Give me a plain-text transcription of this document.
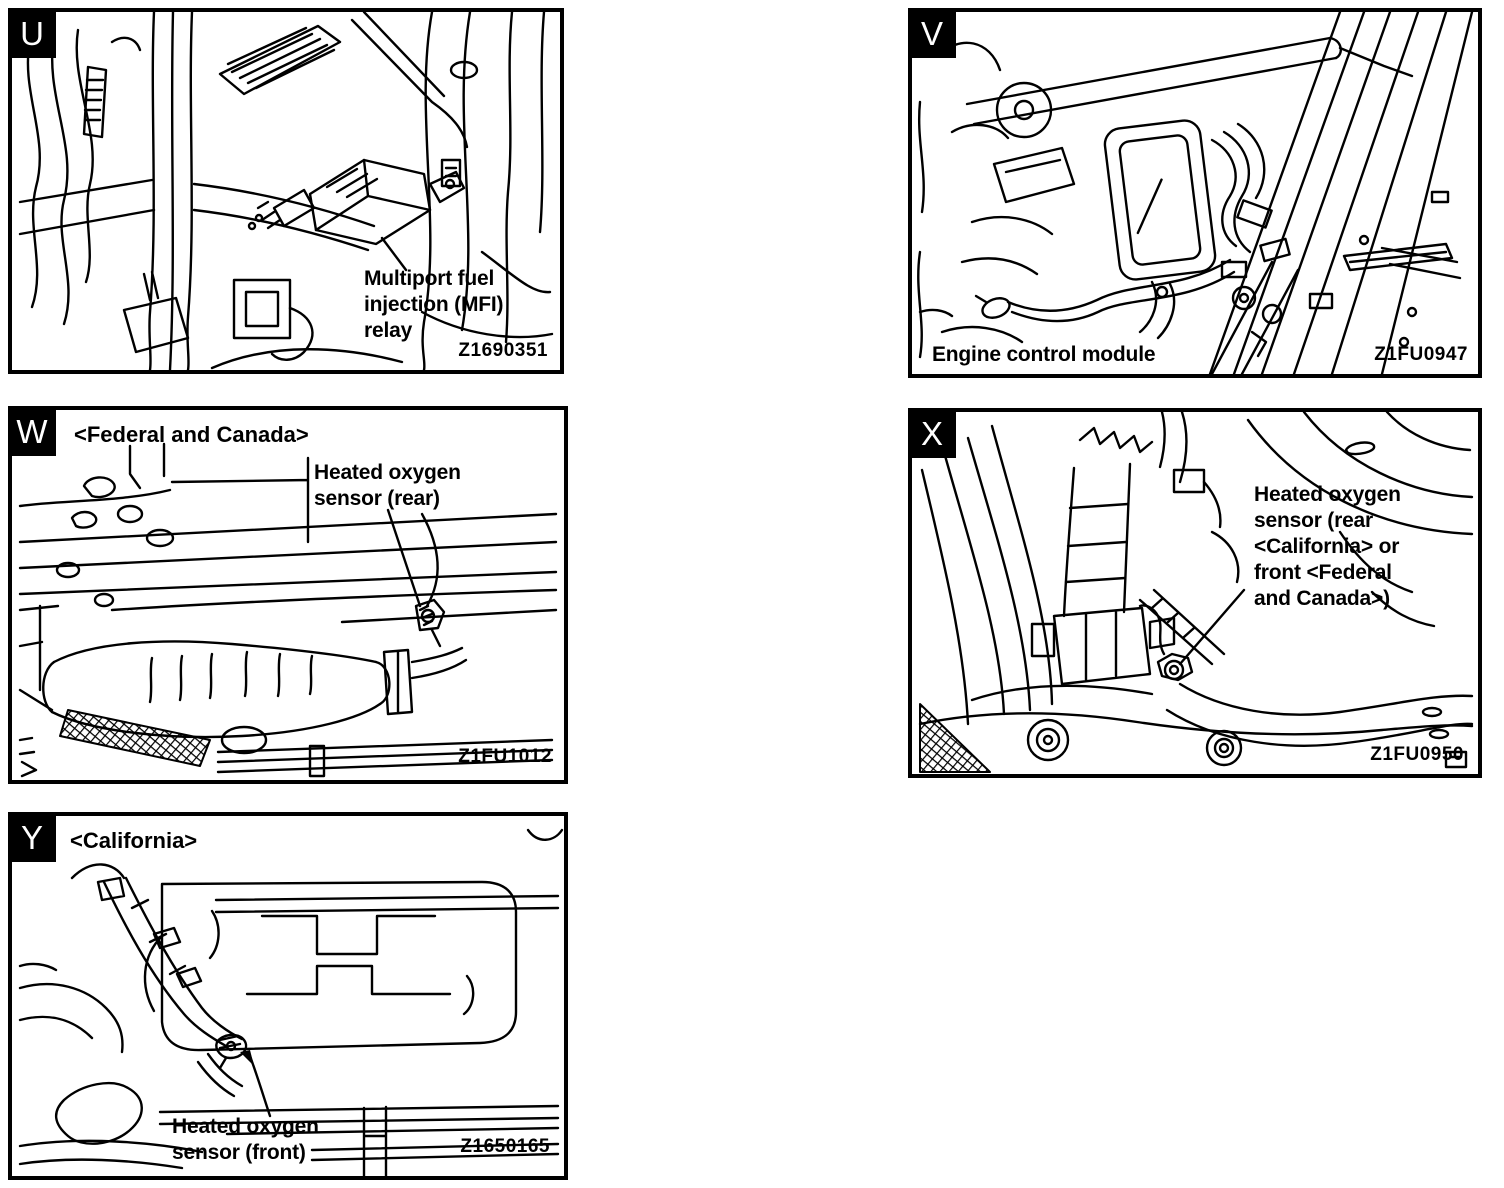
U
Multiport fuel
injection (MFI)
relay
Z1690351
V
Engine control module	Z1FU0947
W <Federal and Canada>
Heated oxygen
sensor (rear)
Z1FU1012
X
Heated oxygen
sensor (rear
<California> or
front <Federal
and Canada>)
Z1FU0950
Y <California>
Heated oxygen
sensor (front)	Z1650165
